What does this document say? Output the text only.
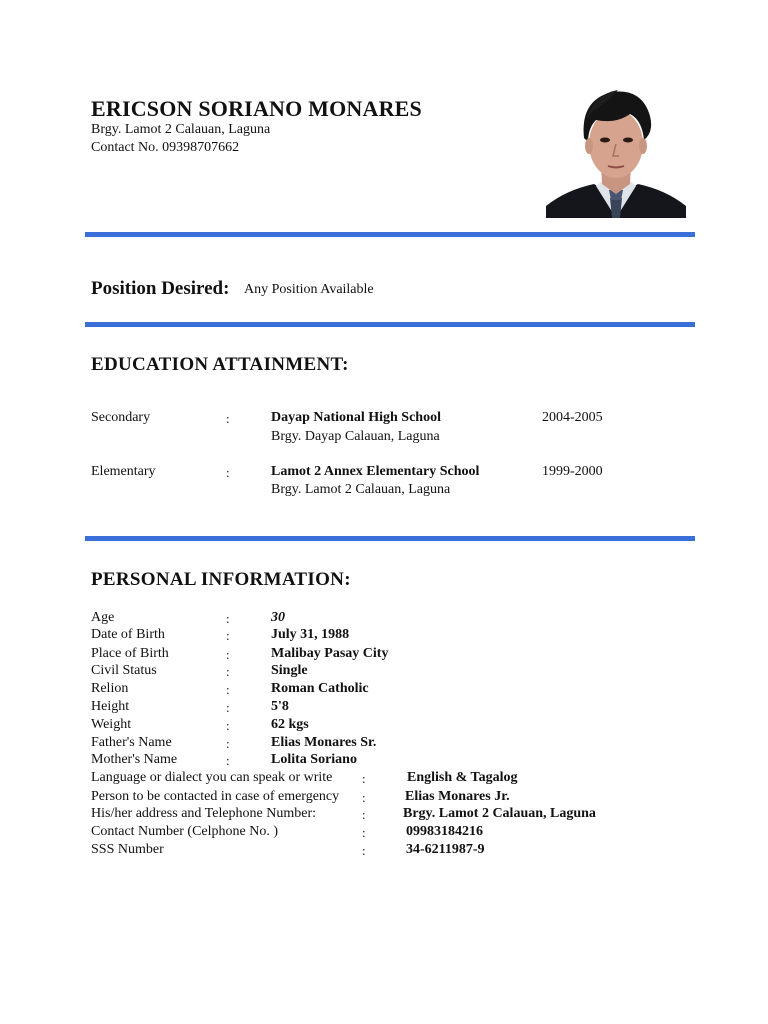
ERICSON SORIANO MONARES
Brgy. Lamot 2 Calauan, Laguna
Contact No. 09398707662
Position Desired: Any Position Available
EDUCATION ATTAINMENT:
Secondary	:	Dayap National High School
Brgy. Dayap Calauan, Laguna
2004-2005
Elementary	:	Lamot 2 Annex Elementary School
Brgy. Lamot 2 Calauan, Laguna
1999-2000
PERSONAL INFORMATION:
Age	:	30
Date of Birth	:	July 31, 1988
Place of Birth	:	Malibay Pasay City
Civil Status	:	Single
Relion	:	Roman Catholic
Height	:	5'8
Weight	:	62 kgs
Father's Name	:	Elias Monares Sr.
Mother's Name	:	Lolita Soriano
Language or dialect you can speak or write :	English & Tagalog
Person to be contacted in case of emergency :	Elias Monares Jr.
His/her address and Telephone Number:	:	Brgy. Lamot 2 Calauan, Laguna
Contact Number (Celphone No. )	:	09983184216
SSS Number	:	34-6211987-9
